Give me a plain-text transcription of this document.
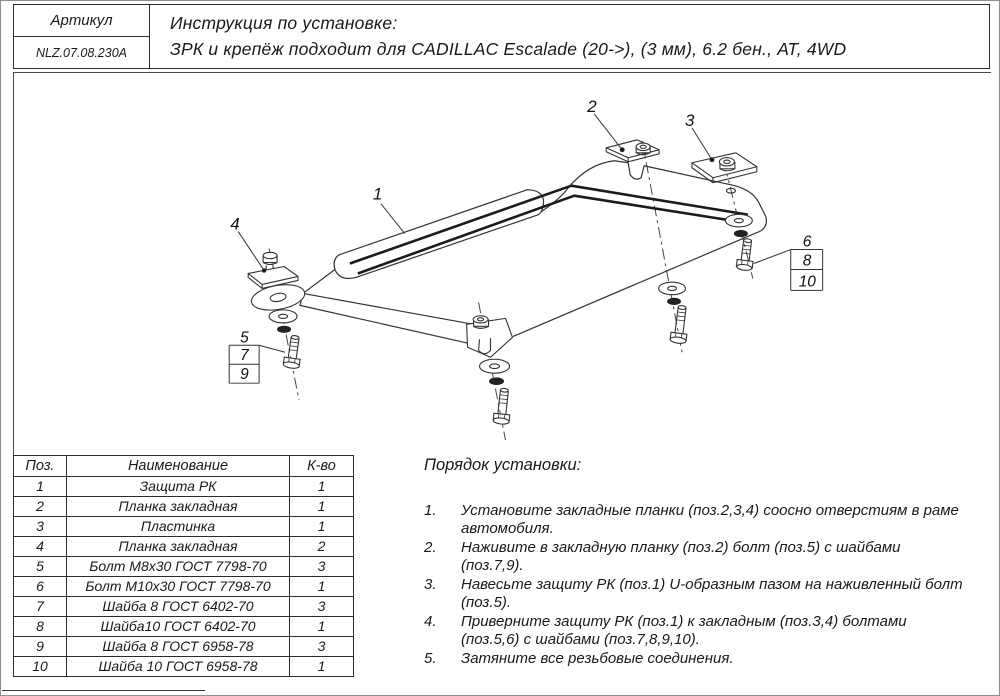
Артикул
NLZ.07.08.230A
Инструкция по установке:
ЗРК и крепёж подходит для CADILLAC Escalade (20->), (3 мм), 6.2 бен., АТ, 4WD
1
2
3
4
5
7
9
6
8
10
Поз.	Наименование	К-во
1	Защита РК	1
2	Планка закладная	1
3	Пластинка	1
4	Планка закладная	2
5	Болт М8х30 ГОСТ 7798-70	3
6	Болт М10х30 ГОСТ 7798-70	1
7	Шайба 8 ГОСТ 6402-70	3
8	Шайба10 ГОСТ 6402-70	1
9	Шайба 8 ГОСТ 6958-78	3
10	Шайба 10 ГОСТ 6958-78	1
Порядок установки:
1.	Установите закладные планки (поз.2,3,4) соосно отверстиям в раме автомобиля.

2.	Наживите в закладную планку (поз.2) болт (поз.5) с шайбами (поз.7,9).

3.	Навесьте защиту РК (поз.1) U-образным пазом на наживленный болт (поз.5).

4.	Приверните защиту РК (поз.1) к закладным (поз.3,4) болтами (поз.5,6) с шайбами (поз.7,8,9,10).

5.	Затяните все резьбовые соединения.
